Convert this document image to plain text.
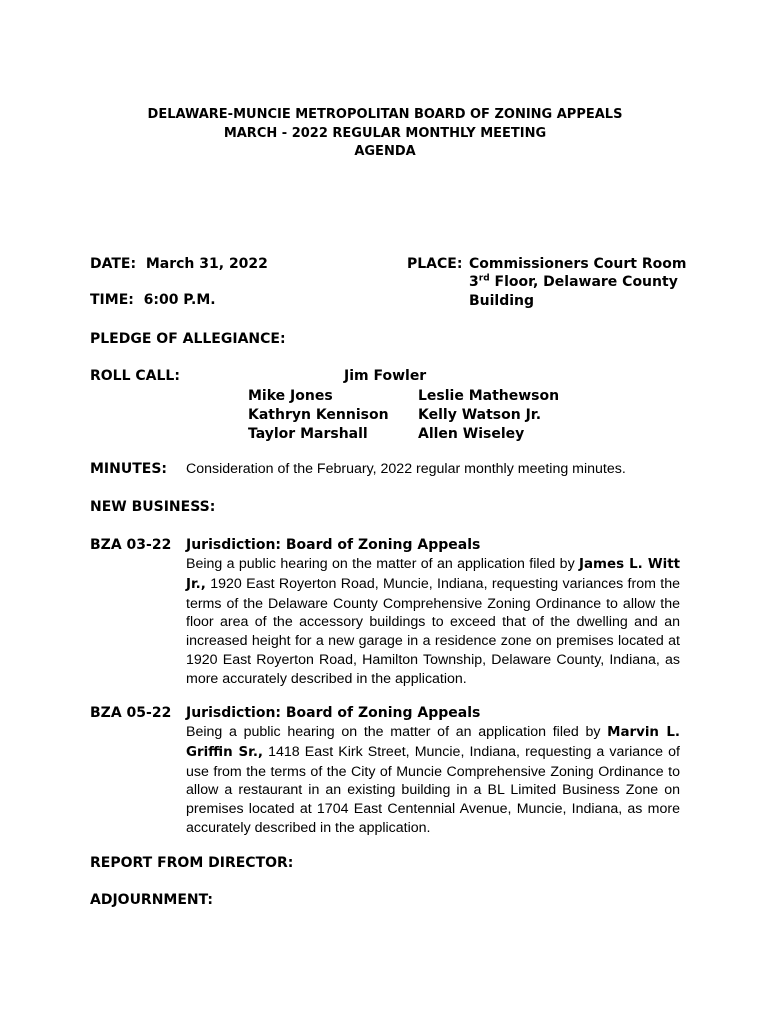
DELAWARE-MUNCIE METROPOLITAN BOARD OF ZONING APPEALS
MARCH - 2022 REGULAR MONTHLY MEETING
AGENDA
DATE: March 31, 2022
TIME: 6:00 P.M.
PLACE: Commissioners Court Room
3rd Floor, Delaware County
Building
PLEDGE OF ALLEGIANCE:
ROLL CALL:	Jim Fowler
Mike Jones
Kathryn Kennison
Taylor Marshall
Leslie Mathewson
Kelly Watson Jr.
Allen Wiseley
MINUTES: Consideration of the February, 2022 regular monthly meeting minutes.
NEW BUSINESS:
BZA 03-22 Jurisdiction: Board of Zoning Appeals
Being a public hearing on the matter of an application filed by James L. Witt Jr., 1920 East Royerton Road, Muncie, Indiana, requesting variances from the terms of the Delaware County Comprehensive Zoning Ordinance to allow the floor area of the accessory buildings to exceed that of the dwelling and an increased height for a new garage in a residence zone on premises located at 1920 East Royerton Road, Hamilton Township, Delaware County, Indiana, as more accurately described in the application.
BZA 05-22 Jurisdiction: Board of Zoning Appeals
Being a public hearing on the matter of an application filed by Marvin L. Griffin Sr., 1418 East Kirk Street, Muncie, Indiana, requesting a variance of use from the terms of the City of Muncie Comprehensive Zoning Ordinance to allow a restaurant in an existing building in a BL Limited Business Zone on premises located at 1704 East Centennial Avenue, Muncie, Indiana, as more accurately described in the application.
REPORT FROM DIRECTOR:
ADJOURNMENT:
